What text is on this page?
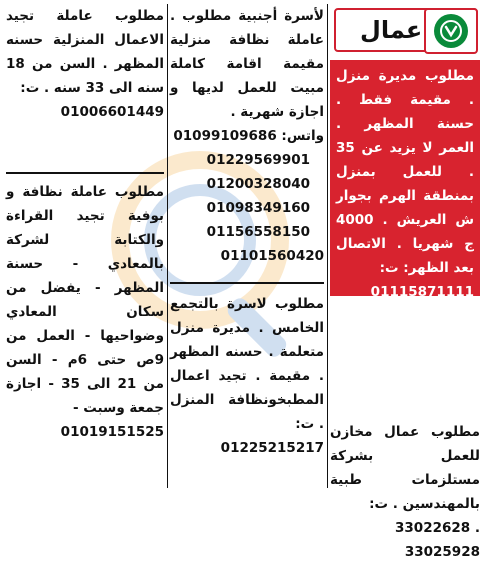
عمال
مطلوب مديرة منزل . مقيمة فقط . حسنة المظهر . العمر لا يزيد عن 35 . للعمل بمنزل بمنطقة الهرم بجوار ش العريش . 4000 ج شهريا . الاتصال بعد الظهر: ت:
01115871111
مطلوب عمال مخازن للعمل بشركة مستلزمات طبية بالمهندسين . ت:
33022628 . 33025928
لأسرة أجنبية مطلوب . عاملة نظافة منزلية مقيمة اقامة كاملة مبيت للعمل لديها و اجازة شهرية .
واتس: 01099109686
01229569901
01200328040
01098349160
01156558150
01101560420
مطلوب لاسرة بالتجمع الخامس . مديرة منزل متعلمة . حسنه المظهر . مقيمة . تجيد اعمال المطبخونظافة المنزل . ت:
01225215217
مطلوب عاملة تجيد الاعمال المنزلية حسنه المظهر . السن من 18 سنه الى 33 سنه . ت:
01006601449
مطلوب عاملة نظافة و بوفية تجيد القراءة والكتابة لشركة بالمعادي - حسنة المظهر - يفضل من سكان المعادي وضواحيها - العمل من 9ص حتى 6م - السن من 21 الى 35 - اجازة جمعة وسبت -
01019151525
